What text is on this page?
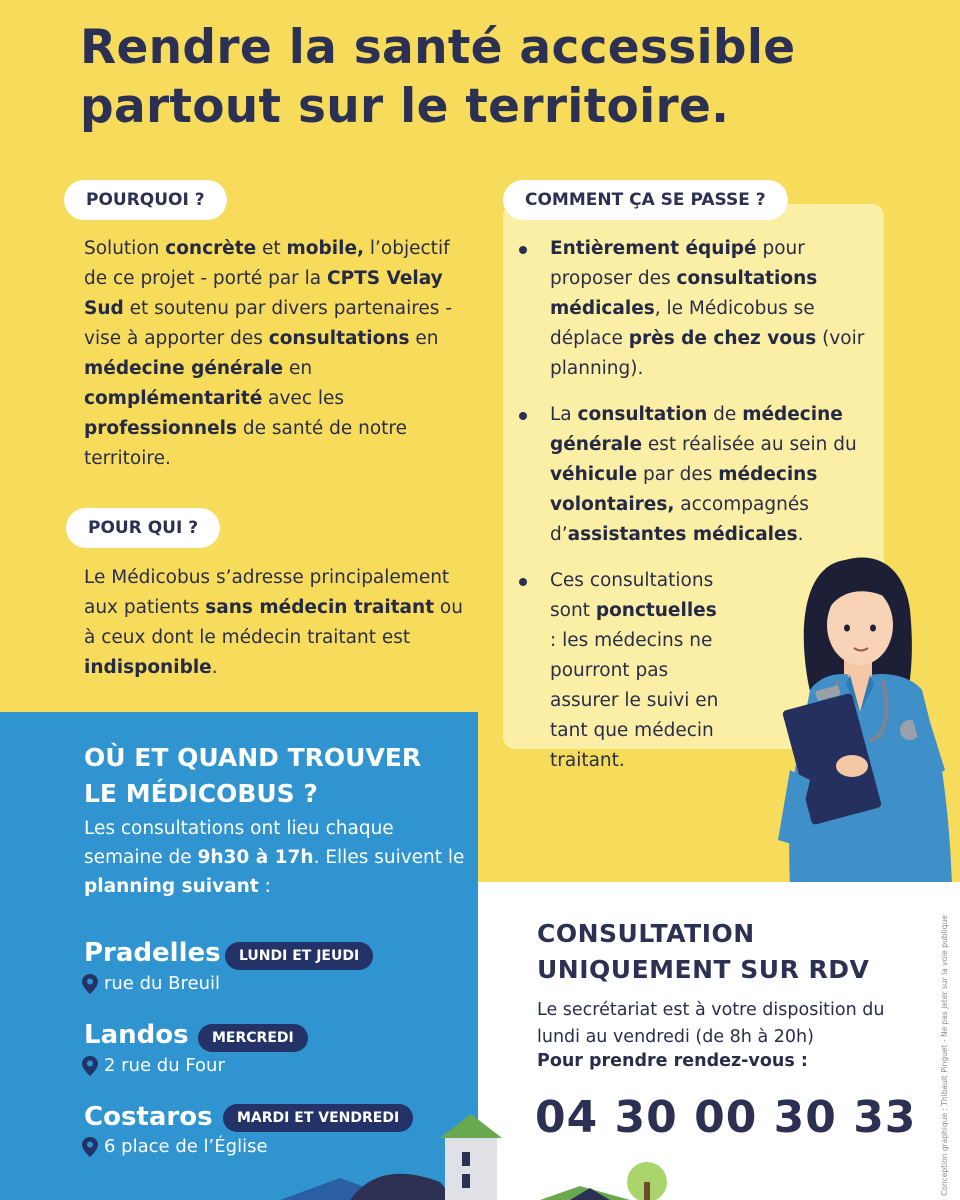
Rendre la santé accessible
partout sur le territoire.
POURQUOI ?

Solution concrète et mobile, l’objectif de ce projet - porté par la CPTS Velay Sud et soutenu par divers partenaires - vise à apporter des consultations en médecine générale en complémentarité avec les professionnels de santé de notre territoire.

POUR QUI ?

Le Médicobus s’adresse principalement aux patients sans médecin traitant ou à ceux dont le médecin traitant est indisponible.

COMMENT ÇA SE PASSE ?
Entièrement équipé pour proposer des consultations médicales, le Médicobus se déplace près de chez vous (voir planning).
La consultation de médecine générale est réalisée au sein du véhicule par des médecins volontaires, accompagnés d’assistantes médicales.
Ces consultations sont ponctuelles : les médecins ne pourront pas assurer le suivi en tant que médecin traitant.
OÙ ET QUAND TROUVER
LE MÉDICOBUS ?

Les consultations ont lieu chaque semaine de 9h30 à 17h. Elles suivent le planning suivant :

Pradelles	LUNDI ET JEUDI
rue du Breuil
Landos	MERCREDI
2 rue du Four
Costaros	MARDI ET VENDREDI
6 place de l’Église
CONSULTATION
UNIQUEMENT SUR RDV

Le secrétariat est à votre disposition du lundi au vendredi (de 8h à 20h)

Pour prendre rendez-vous :

04 30 00 30 33	Conception graphique : Thibault Pinguet - Ne pas jeter sur la voie publique
